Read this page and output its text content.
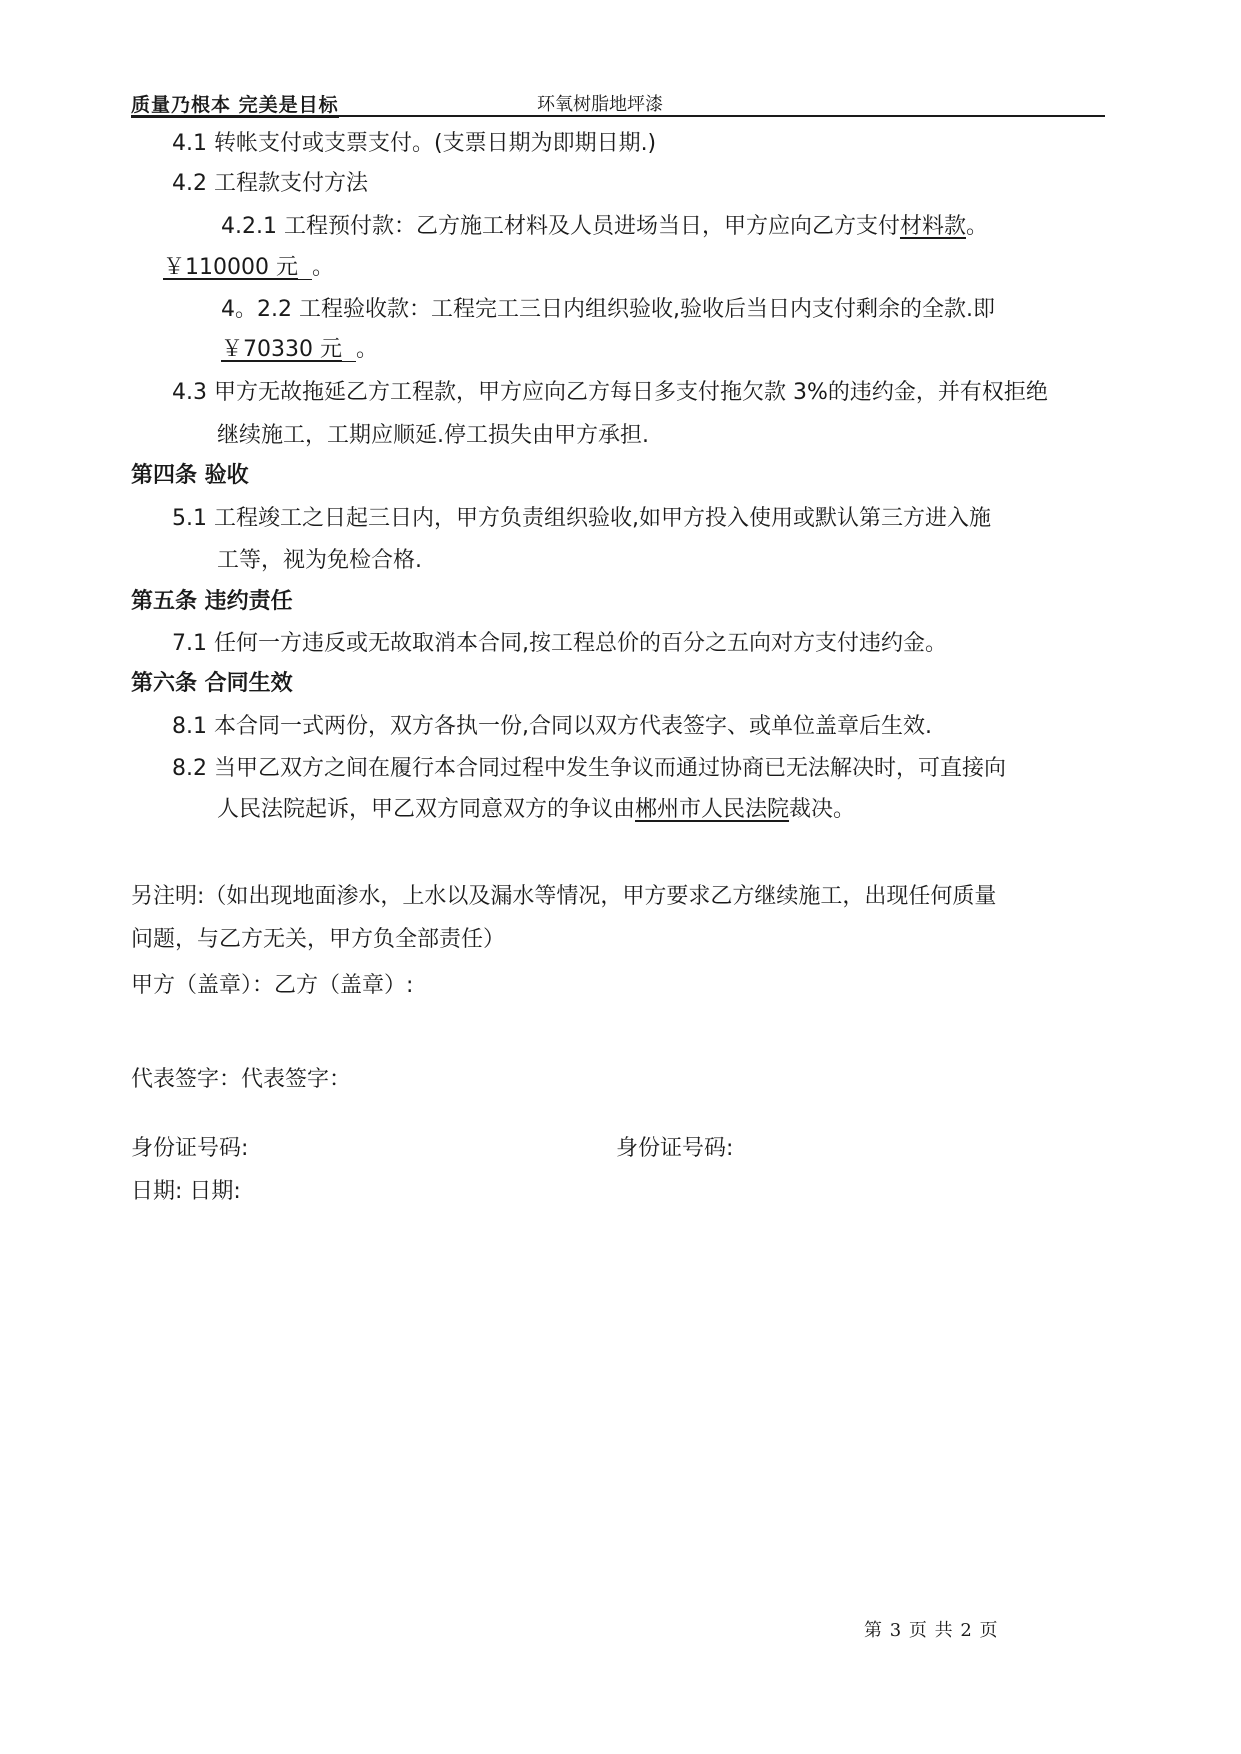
质量乃根本 完美是目标	环氧树脂地坪漆
4.1 转帐支付或支票支付。(支票日期为即期日期.)
4.2 工程款支付方法
4.2.1 工程预付款：乙方施工材料及人员进场当日，甲方应向乙方支付材料款。
￥110000 元 。
4。2.2 工程验收款：工程完工三日内组织验收,验收后当日内支付剩余的全款.即
￥70330 元 。
4.3 甲方无故拖延乙方工程款，甲方应向乙方每日多支付拖欠款 3%的违约金，并有权拒绝
继续施工，工期应顺延.停工损失由甲方承担.
第四条 验收
5.1 工程竣工之日起三日内，甲方负责组织验收,如甲方投入使用或默认第三方进入施
工等，视为免检合格.
第五条 违约责任
7.1 任何一方违反或无故取消本合同,按工程总价的百分之五向对方支付违约金。
第六条 合同生效
8.1 本合同一式两份，双方各执一份,合同以双方代表签字、或单位盖章后生效.
8.2 当甲乙双方之间在履行本合同过程中发生争议而通过协商已无法解决时，可直接向
人民法院起诉，甲乙双方同意双方的争议由郴州市人民法院裁决。
另注明:（如出现地面渗水，上水以及漏水等情况，甲方要求乙方继续施工，出现任何质量
问题，与乙方无关，甲方负全部责任）
甲方（盖章）：乙方（盖章）:
代表签字：代表签字：
身份证号码:	身份证号码:
日期: 日期:
第 3 页 共 2 页
